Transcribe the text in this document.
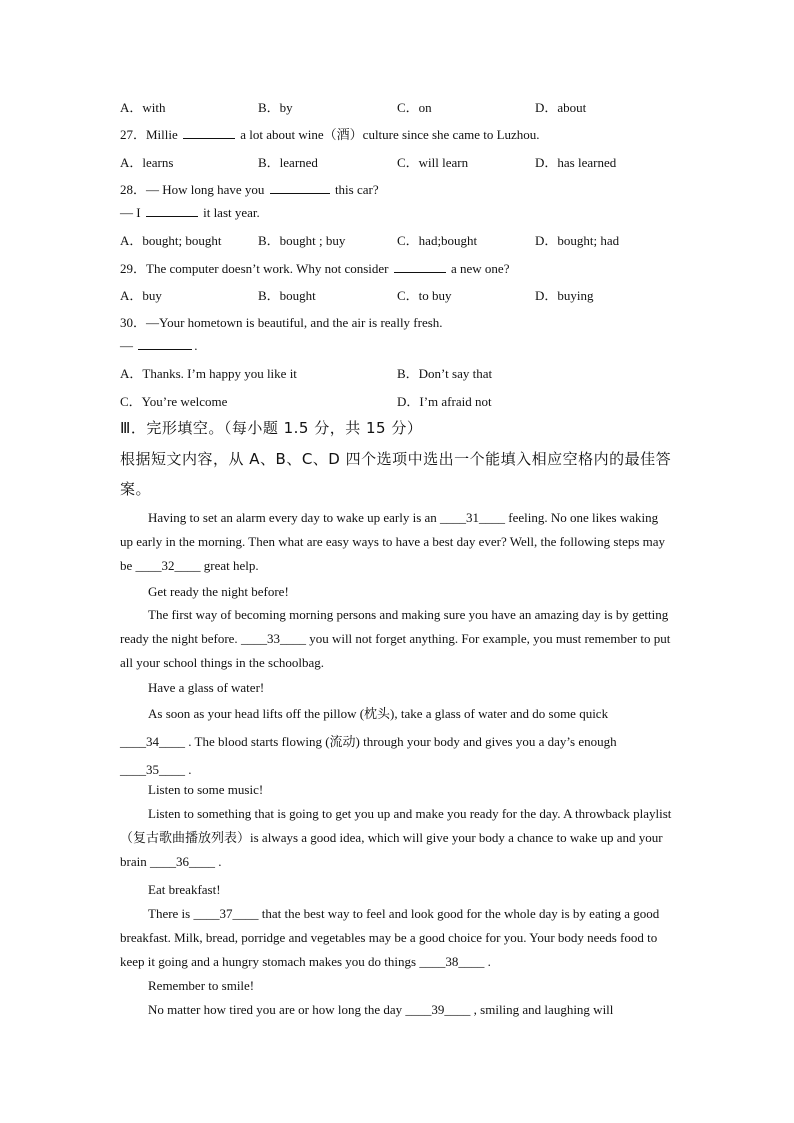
A．with	B．by	C．on	D．about
27．Millie	a lot about wine（酒）culture since she came to Luzhou.
A．learns	B．learned	C．will learn	D．has learned
28．— How long have you	this car?
— I	it last year.
A．bought; bought	B．bought ; buy	C．had;bought	D．bought; had
29．The computer doesn’t work. Why not consider	a new one?
A．buy	B．bought	C．to buy	D．buying
30．—Your hometown is beautiful, and the air is really fresh.
—	.
A．Thanks. I’m happy you like it	B．Don’t say that
C．You’re welcome	D．I’m afraid not
Ⅲ．完形填空。（每小题 1.5 分，共 15 分）
根据短文内容，从 A、B、C、D 四个选项中选出一个能填入相应空格内的最佳答案。
Having to set an alarm every day to wake up early is an ____31____ feeling. No one likes waking up early in the morning. Then what are easy ways to have a best day ever? Well, the following steps may be ____32____ great help.
Get ready the night before!
The first way of becoming morning persons and making sure you have an amazing day is by getting ready the night before. ____33____ you will not forget anything. For example, you must remember to put all your school things in the schoolbag.
Have a glass of water!
As soon as your head lifts off the pillow (枕头), take a glass of water and do some quick ____34____ . The blood starts flowing (流动) through your body and gives you a day’s enough ____35____ .
Listen to some music!
Listen to something that is going to get you up and make you ready for the day. A throwback playlist（复古歌曲播放列表）is always a good idea, which will give your body a chance to wake up and your brain ____36____ .
Eat breakfast!
There is ____37____ that the best way to feel and look good for the whole day is by eating a good breakfast. Milk, bread, porridge and vegetables may be a good choice for you. Your body needs food to keep it going and a hungry stomach makes you do things ____38____ .
Remember to smile!
No matter how tired you are or how long the day ____39____ , smiling and laughing will
